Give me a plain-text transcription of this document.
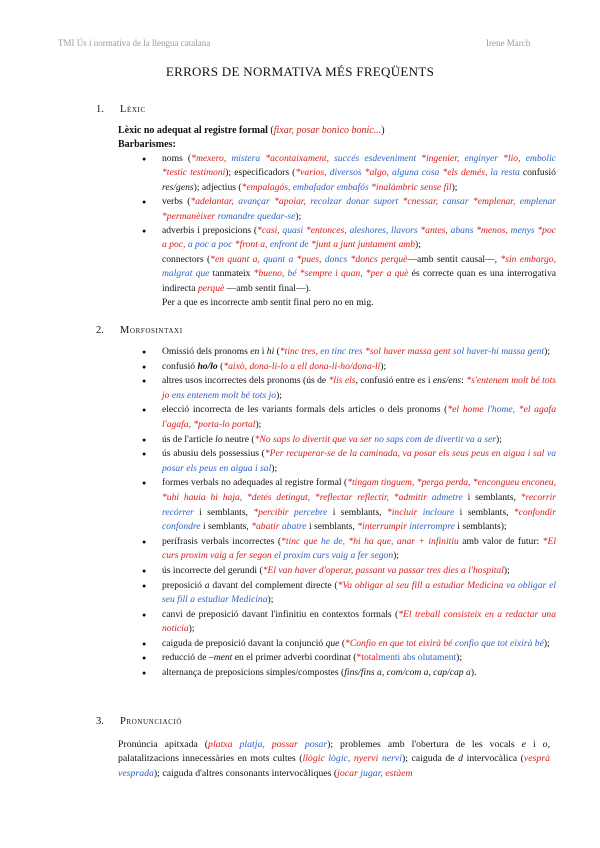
TMI Ús i normativa de la llengua catalana	Irene March
ERRORS DE NORMATIVA MÉS FREQÜENTS
1. Lèxic
Lèxic no adequat al registre formal (fixar, posar bonico bonic...)
Barbarismes:
● noms (*mexero, mistera *acontaixament, succés esdeveniment *ingenier, enginyer *lio, embolic *testic testimoni); especificadors (*varios, diversos *algo, alguna cosa *els demés, la resta confusió res/gens); adjectius (*empalagós, embafador embafós *inalàmbric sense fil);
● verbs (*adelantar, avançar *apoiar, recolzar donar suport *cnessar, cansar *emplenar, emplenar *permanèixer romandre quedar-se);
● adverbis i preposicions (*casi, quasi *entonces, aleshores, llavors *antes, abans *menos, menys *poc a poc, a poc a poc *front a, enfront de *junt a junt juntament amb);
connectors (*en quant a, quant a *pues, doncs *doncs perquè—amb sentit causal—, *sin embargo, malgrat que tanmateix *bueno, bé *sempre i quan, *per a què és correcte quan es una interrogativa indirecta perquè —amb sentit final—).
Per a que es incorrecte amb sentit final pero no en mig.
2. Morfosintaxi
● Omissió dels pronoms en i hi (*tinc tres, en tinc tres *sol haver massa gent sol haver-hi massa gent);
● confusió ho/lo (*això, dona-li-lo a ell dona-li-ho/dona-li);
● altres usos incorrectes dels pronoms (ús de *lis els, confusió entre es i ens/ens: *s'entenem molt bé tots jo ens entenem molt bé tots jo);
● elecció incorrecta de les variants formals dels articles o dels pronoms (*el home l'home, *el agafa l'agafa, *porta-lo portal);
● ús de l'article lo neutre (*No saps lo divertit que va ser no saps com de divertit va a ser);
● ús abusiu dels possessius (*Per recuperar-se de la caminada, va posar els seus peus en aigua i sal va posar els peus en aigua i sal);
● formes verbals no adequades al registre formal (*tingam tinguem, *perga perda, *encongueu enconeu, *uhi hauia hi haja, *detés detingut, *reflectar reflectir, *admitir admetre i semblants, *recorrir recórrer i semblants, *percibir percebre i semblants, *incluir incloure i semblants, *confondir confondre i semblants, *abatir abatre i semblants, *interrumpir interrompre i semblants);
● perífrasis verbals incorrectes (*tinc que he de, *hi ha que, anar + infinitiu amb valor de futur: *El curs proxim vaig a fer segon el proxim curs vaig a fer segon);
● ús incorrecte del gerundi (*El van haver d'operar, passant va passar tres dies a l'hospital);
● preposició a davant del complement directe (*Va obligar al seu fill a estudiar Medicina va obligar el seu fill a estudiar Medicina);
● canvi de preposició davant l'infinitiu en contextos formals (*El treball consisteix en a redactar una noticia);
● caiguda de preposició davant la conjunció que (*Confio en que tot eixirà bé confio que tot eixirà bé);
● reducció de –ment en el primer adverbi coordinat (*totalmenti abs olutament);
● alternança de preposicions simples/compostes (fins/fins a, com/com a, cap/cap a).
3. Pronunciació
Pronúncia apitxada (platxa platja, possar posar); problemes amb l'obertura de les vocals e i o, palatalitzacions innecessàries en mots cultes (llògic lògic, nyervi nervi); caiguda de d intervocàlica (vesprà vesprada); caiguda d'altres consonants intervocàliques (jocar jugar, estàem
